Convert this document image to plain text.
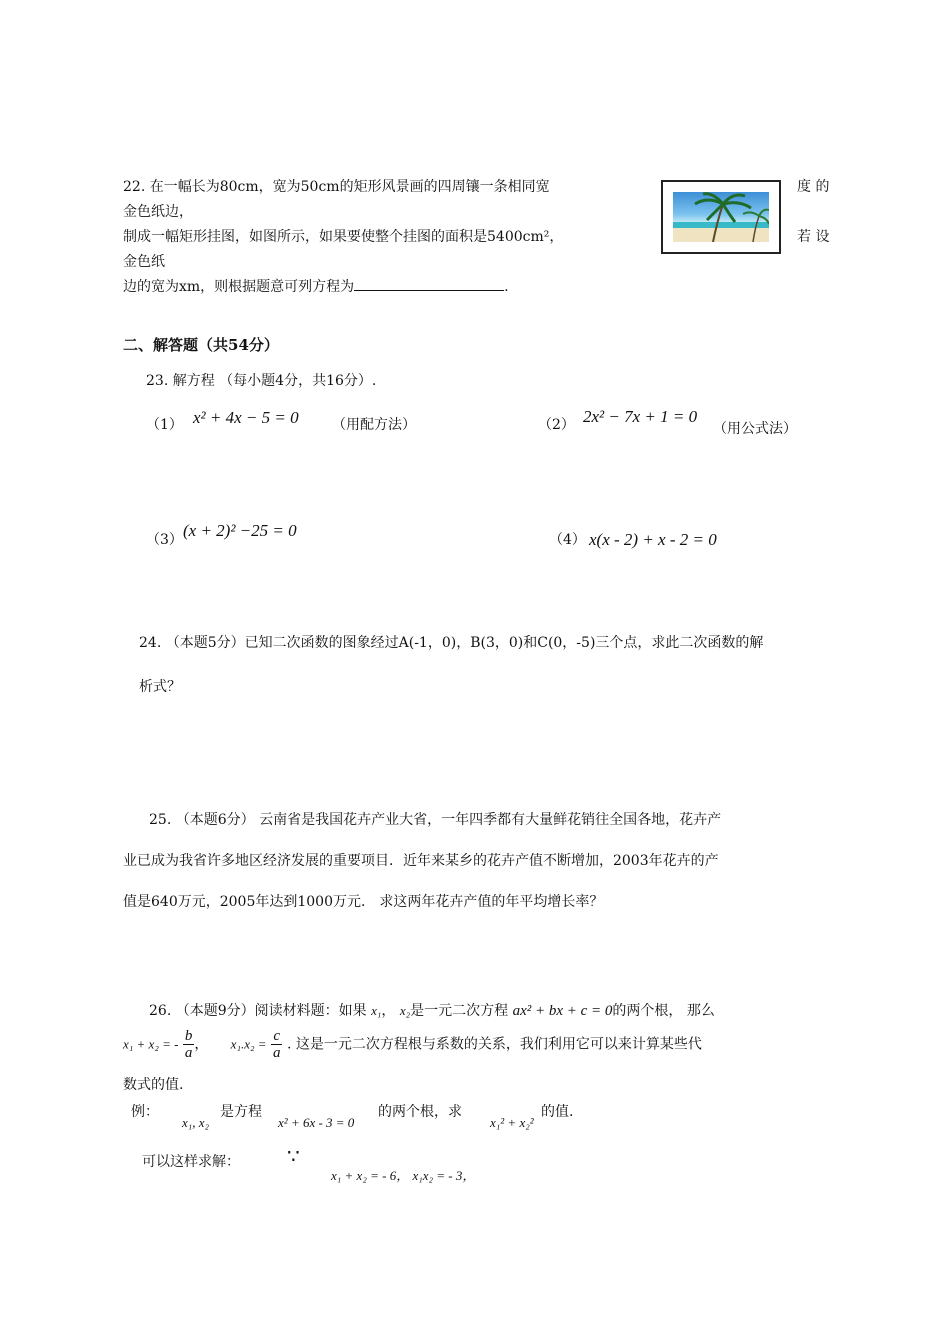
22. 在一幅长为80cm，宽为50cm的矩形风景画的四周镶一条相同宽	度 的
金色纸边，
制成一幅矩形挂图，如图所示，如果要使整个挂图的面积是5400cm²，	若 设
金色纸
边的宽为xm，则根据题意可列方程为	.
二、解答题（共54分）
23. 解方程 （每小题4分，共16分）.
（1） x² + 4x − 5 = 0 （用配方法）	（2） 2x² − 7x + 1 = 0
（用公式法）
（3） (x + 2)² −25 = 0	（4） x(x - 2) + x - 2 = 0
24. （本题5分）已知二次函数的图象经过A(-1，0)，B(3，0)和C(0，-5)三个点，求此二次函数的解
析式？
25. （本题6分） 云南省是我国花卉产业大省，一年四季都有大量鲜花销往全国各地，花卉产
业已成为我省许多地区经济发展的重要项目．近年来某乡的花卉产值不断增加，2003年花卉的产
值是640万元，2005年达到1000万元． 求这两年花卉产值的年平均增长率？
26. （本题9分）阅读材料题：如果 x₁， x₂是一元二次方程 ax² + bx + c = 0的两个根， 那么
x₁ + x₂ = - $\frac{b}{a}$ ，     $x_1.x_2 = \frac{c}{a}$ . 这是一元二次方程根与系数的关系，我们利用它可以来计算某些代
数式的值.
例：
x₁, x₂
是方程
x² + 6x - 3 = 0
的两个根，求
x₁² + x₂²
的值.
可以这样求解： ∵
x₁ + x₂ = - 6， x₁x₂ = - 3，
